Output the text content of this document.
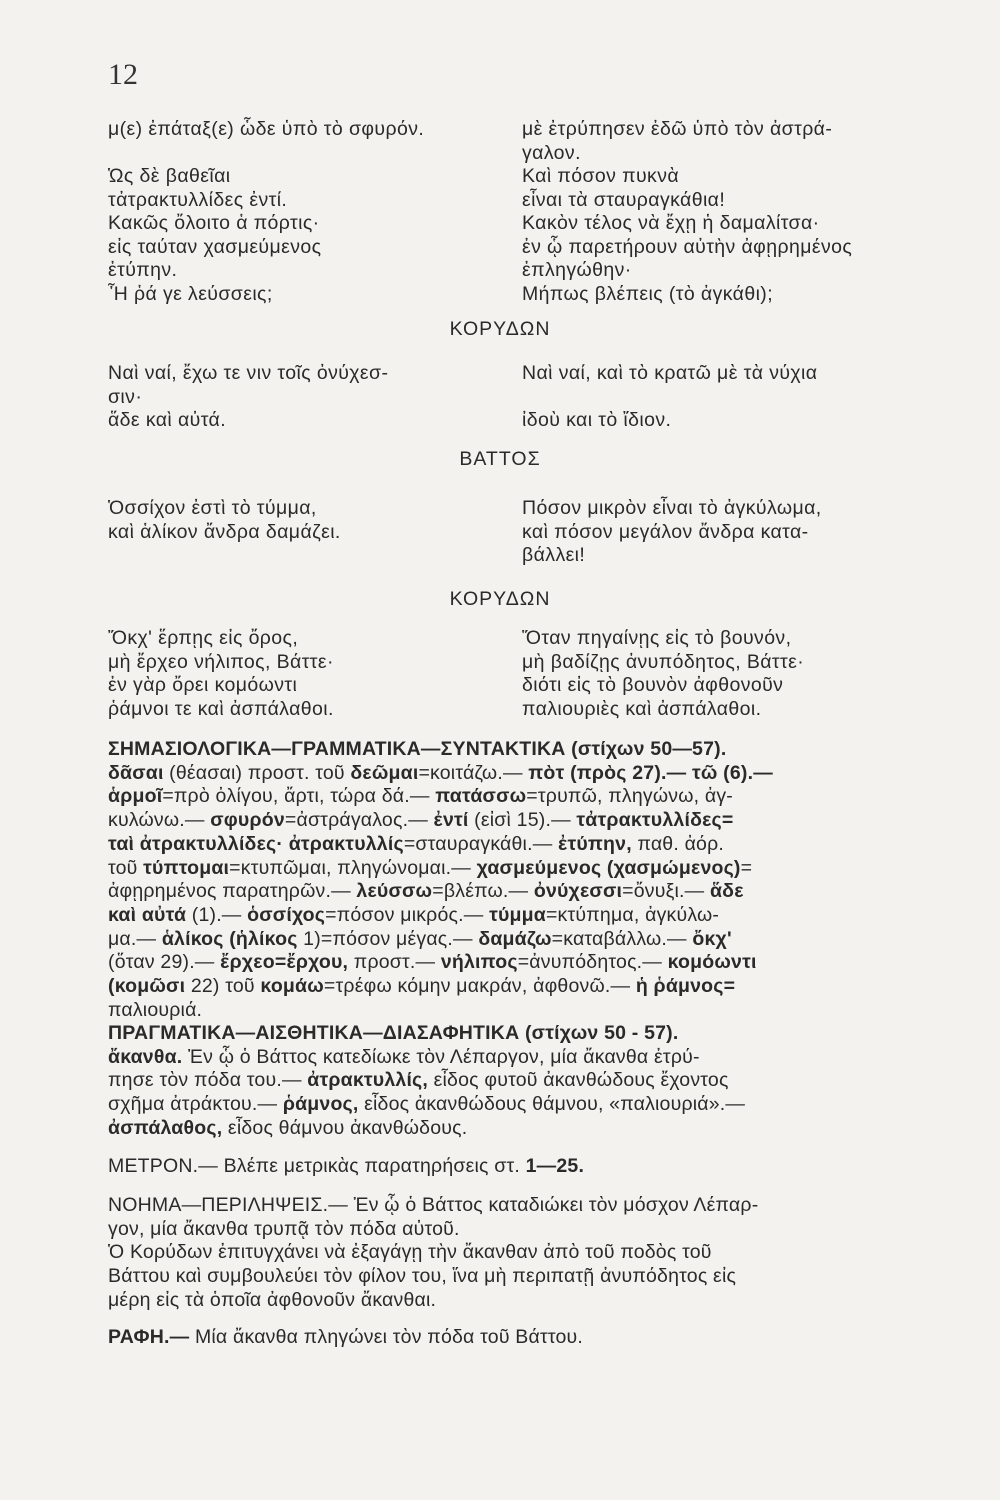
12
μ(ε) ἐπάταξ(ε) ὧδε ὑπὸ τὸ σφυρόν.

Ὡς δὲ βαθεῖαι
τἀτρακτυλλίδες ἐντί.
Κακῶς ὄλοιτο ἁ πόρτις·
εἰς ταύταν χασμεύμενος
ἐτύπην.
Ἦ ῥά γε λεύσσεις;
μὲ ἐτρύπησεν ἐδῶ ὑπὸ τὸν ἀστρά-
γαλον.
Καὶ πόσον πυκνὰ
εἶναι τὰ σταυραγκάθια!
Κακὸν τέλος νὰ ἔχῃ ἡ δαμαλίτσα·
ἐν ᾧ παρετήρουν αὐτὴν ἀφῃρημένος
ἐπληγώθην·
Μήπως βλέπεις (τὸ ἀγκάθι);
ΚΟΡΥΔΩΝ
Ναὶ ναί, ἔχω τε νιν τοῖς ὀνύχεσ-
σιν·
ἅδε καὶ αὐτά.
Ναὶ ναί, καὶ τὸ κρατῶ μὲ τὰ νύχια

ἰδοὺ και τὸ ἴδιον.
ΒΑΤΤΟΣ
Ὁσσίχον ἐστὶ τὸ τύμμα,
καὶ ἁλίκον ἄνδρα δαμάζει.
Πόσον μικρὸν εἶναι τὸ ἀγκύλωμα,
καὶ πόσον μεγάλον ἄνδρα κατα-
βάλλει!
ΚΟΡΥΔΩΝ
Ὄκχ' ἕρπῃς εἰς ὄρος,
μὴ ἔρχεο νήλιπος, Βάττε·
ἐν γὰρ ὄρει κομόωντι
ῥάμνοι τε καὶ ἀσπάλαθοι.
Ὅταν πηγαίνῃς εἰς τὸ βουνόν,
μὴ βαδίζῃς ἀνυπόδητος, Βάττε·
διότι εἰς τὸ βουνὸν ἀφθονοῦν
παλιουριὲς καὶ ἀσπάλαθοι.
ΣΗΜΑΣΙΟΛΟΓΙΚΑ—ΓΡΑΜΜΑΤΙΚΑ—ΣΥΝΤΑΚΤΙΚΑ (στίχων 50—57).
δᾶσαι (θέασαι) προστ. τοῦ δεῶμαι=κοιτάζω.— πὸτ (πρὸς 27).— τῶ (6).—
ἁρμοῖ=πρὸ ὀλίγου, ἄρτι, τώρα δά.— πατάσσω=τρυπῶ, πληγώνω, ἀγ-
κυλώνω.— σφυρόν=ἀστράγαλος.— ἐντί (εἰσὶ 15).— τἀτρακτυλλίδες=
ταὶ ἀτρακτυλλίδες· ἀτρακτυλλίς=σταυραγκάθι.— ἐτύπην, παθ. ἀόρ.
τοῦ τύπτομαι=κτυπῶμαι, πληγώνομαι.— χασμεύμενος (χασμώμενος)=
ἀφῃρημένος παρατηρῶν.— λεύσσω=βλέπω.— ὀνύχεσσι=ὄνυξι.— ἅδε
καὶ αὐτά (1).— ὁσσίχος=πόσον μικρός.— τύμμα=κτύπημα, ἀγκύλω-
μα.— ἁλίκος (ἡλίκος 1)=πόσον μέγας.— δαμάζω=καταβάλλω.— ὄκχ'
(ὅταν 29).— ἔρχεο=ἔρχου, προστ.— νήλιπος=ἀνυπόδητος.— κομόωντι
(κομῶσι 22) τοῦ κομάω=τρέφω κόμην μακράν, ἀφθονῶ.— ἡ ῥάμνος=
παλιουριά.
ΠΡΑΓΜΑΤΙΚΑ—ΑΙΣΘΗΤΙΚΑ—ΔΙΑΣΑΦΗΤΙΚΑ (στίχων 50 - 57).
ἄκανθα. Ἐν ᾧ ὁ Βάττος κατεδίωκε τὸν Λέπαργον, μία ἄκανθα ἐτρύ-
πησε τὸν πόδα του.— ἀτρακτυλλίς, εἶδος φυτοῦ ἀκανθώδους ἔχοντος
σχῆμα ἀτράκτου.— ῥάμνος, εἶδος ἀκανθώδους θάμνου, «παλιουριά».—
ἀσπάλαθος, εἶδος θάμνου ἀκανθώδους.
ΜΕΤΡΟΝ.— Βλέπε μετρικὰς παρατηρήσεις στ. 1—25.
ΝΟΗΜΑ—ΠΕΡΙΛΗΨΕΙΣ.— Ἐν ᾧ ὁ Βάττος καταδιώκει τὸν μόσχον Λέπαρ-
γον, μία ἄκανθα τρυπᾷ τὸν πόδα αὐτοῦ.
Ὁ Κορύδων ἐπιτυγχάνει νὰ ἐξαγάγῃ τὴν ἄκανθαν ἀπὸ τοῦ ποδὸς τοῦ
Βάττου καὶ συμβουλεύει τὸν φίλον του, ἵνα μὴ περιπατῇ ἀνυπόδητος εἰς
μέρη εἰς τὰ ὁποῖα ἀφθονοῦν ἄκανθαι.
ΡΑΦΗ.— Μία ἄκανθα πληγώνει τὸν πόδα τοῦ Βάττου.
